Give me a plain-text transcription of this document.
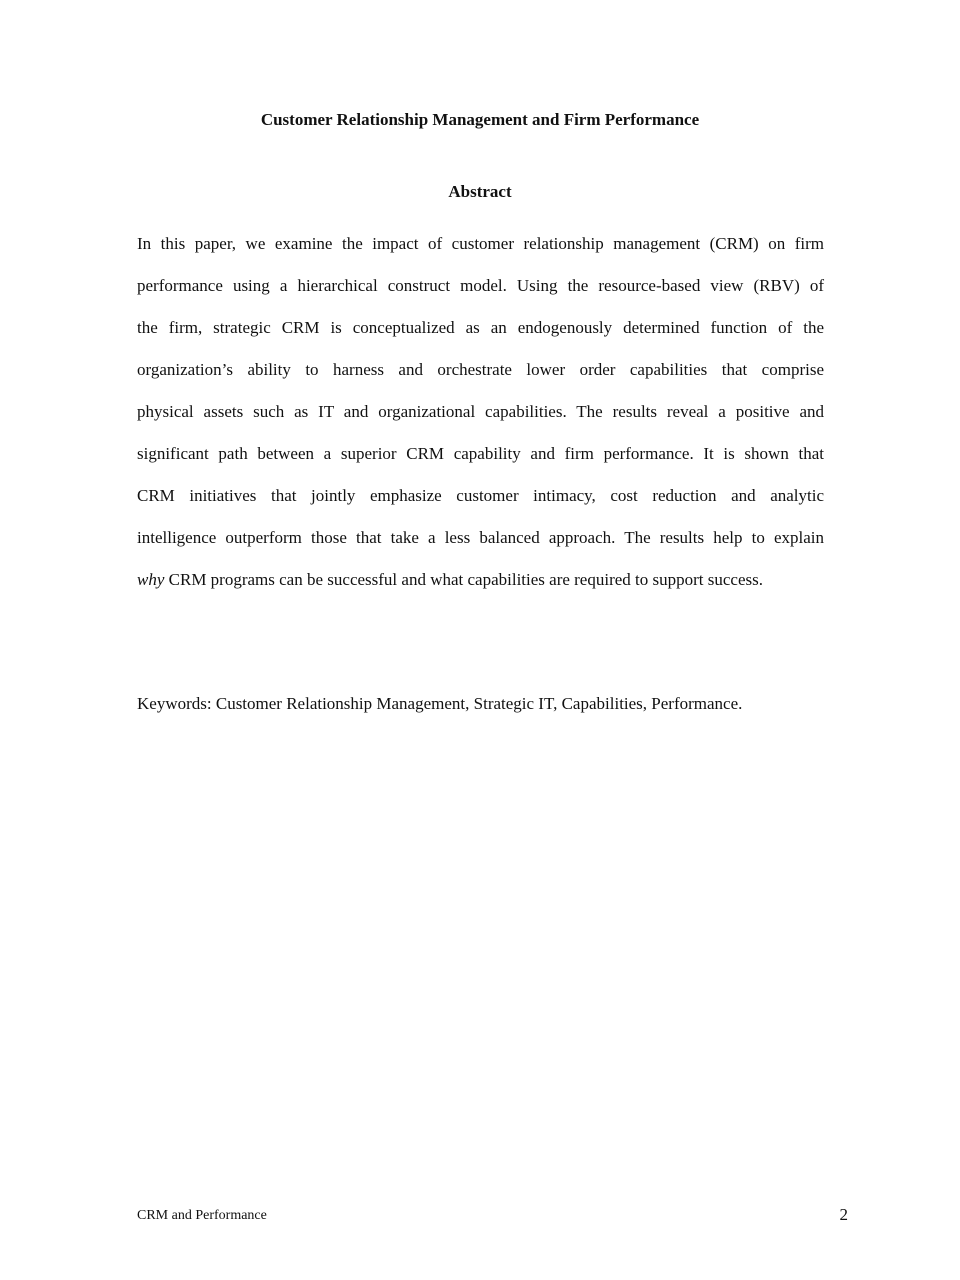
Customer Relationship Management and Firm Performance
Abstract
In this paper, we examine the impact of customer relationship management (CRM) on firm
performance using a hierarchical construct model. Using the resource-based view (RBV) of
the firm, strategic CRM is conceptualized as an endogenously determined function of the
organization’s ability to harness and orchestrate lower order capabilities that comprise
physical assets such as IT and organizational capabilities. The results reveal a positive and
significant path between a superior CRM capability and firm performance. It is shown that
CRM initiatives that jointly emphasize customer intimacy, cost reduction and analytic
intelligence outperform those that take a less balanced approach. The results help to explain
why CRM programs can be successful and what capabilities are required to support success.
Keywords: Customer Relationship Management, Strategic IT, Capabilities, Performance.
CRM and Performance	2
